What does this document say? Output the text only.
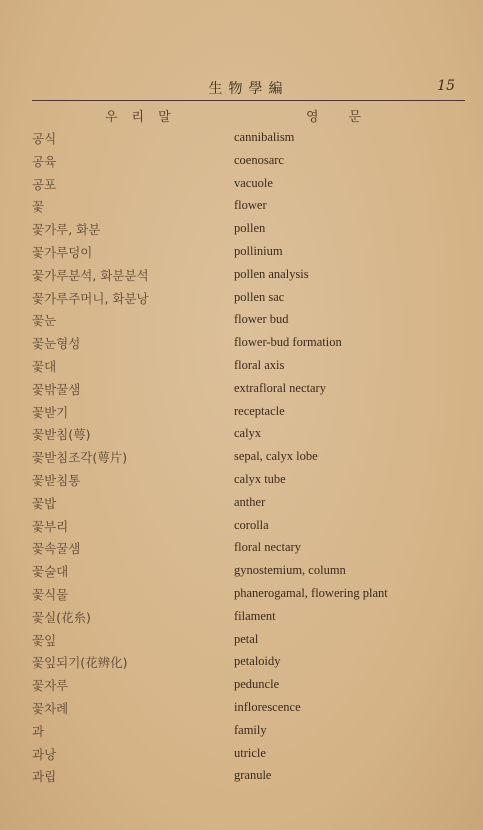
生物學編	15
우리말	영문
공식	cannibalism
공육	coenosarc
공포	vacuole
꽃	flower
꽃가루, 화분	pollen
꽃가루덩이	pollinium
꽃가루분석, 화분분석	pollen analysis
꽃가루주머니, 화분낭	pollen sac
꽃눈	flower bud
꽃눈형성	flower-bud formation
꽃대	floral axis
꽃밖꿀샘	extrafloral nectary
꽃받기	receptacle
꽃받침(萼)	calyx
꽃받침조각(萼片)	sepal, calyx lobe
꽃받침통	calyx tube
꽃밥	anther
꽃부리	corolla
꽃속꿀샘	floral nectary
꽃술대	gynostemium, column
꽃식물	phanerogamal, flowering plant
꽃실(花糸)	filament
꽃잎	petal
꽃잎되기(花辨化)	petaloidy
꽃자루	peduncle
꽃차례	inflorescence
과	family
과낭	utricle
과립	granule
